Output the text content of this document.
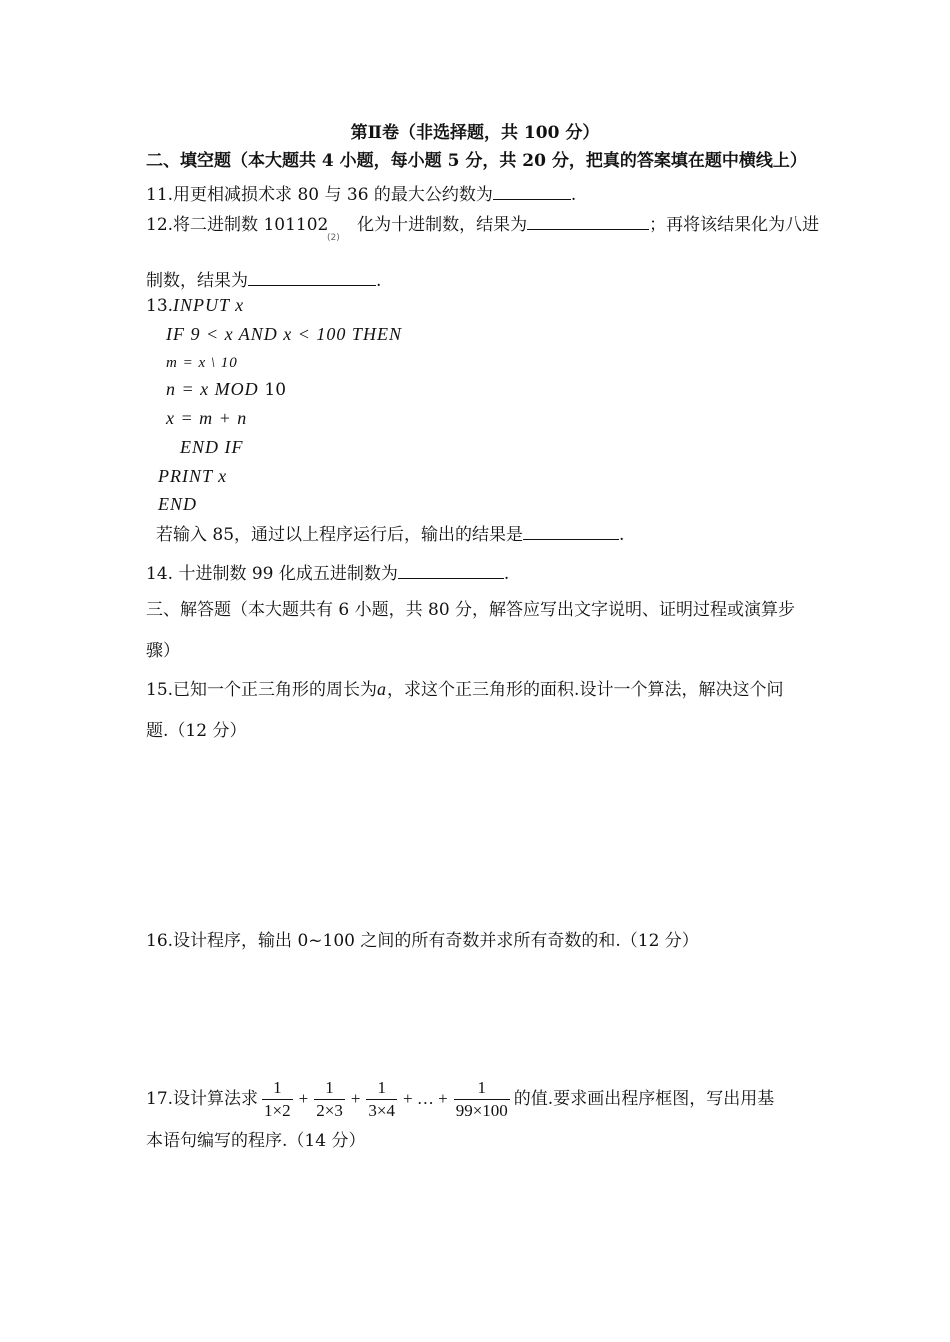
第Ⅱ卷（非选择题，共 100 分）
二、填空题（本大题共 4 小题，每小题 5 分，共 20 分，把真的答案填在题中横线上）
11.用更相减损术求 80 与 36 的最大公约数为	.
12.将二进制数 101102 化为十进制数，结果为	；再将该结果化为八进
(2)
制数，结果为	.
13. INPUT x
IF 9 < x AND x < 100 THEN
m = x \ 10
n = x MOD 10
x = m + n
END IF
PRINT x
END
若输入 85，通过以上程序运行后，输出的结果是	.
14. 十进制数 99 化成五进制数为	.
三、解答题（本大题共有 6 小题，共 80 分，解答应写出文字说明、证明过程或演算步
骤）
15.已知一个正三角形的周长为a，求这个正三角形的面积.设计一个算法，解决这个问
题.（12 分）
16.设计程序，输出 0~100 之间的所有奇数并求所有奇数的和.（12 分）
17.设计算法求 $\frac{1}{1\times 2} + \frac{1}{2\times 3} + \frac{1}{3\times 4}$ + … + $\frac{1}{99\times 100}$ 的值.要求画出程序框图，写出用基
本语句编写的程序.（14 分）
